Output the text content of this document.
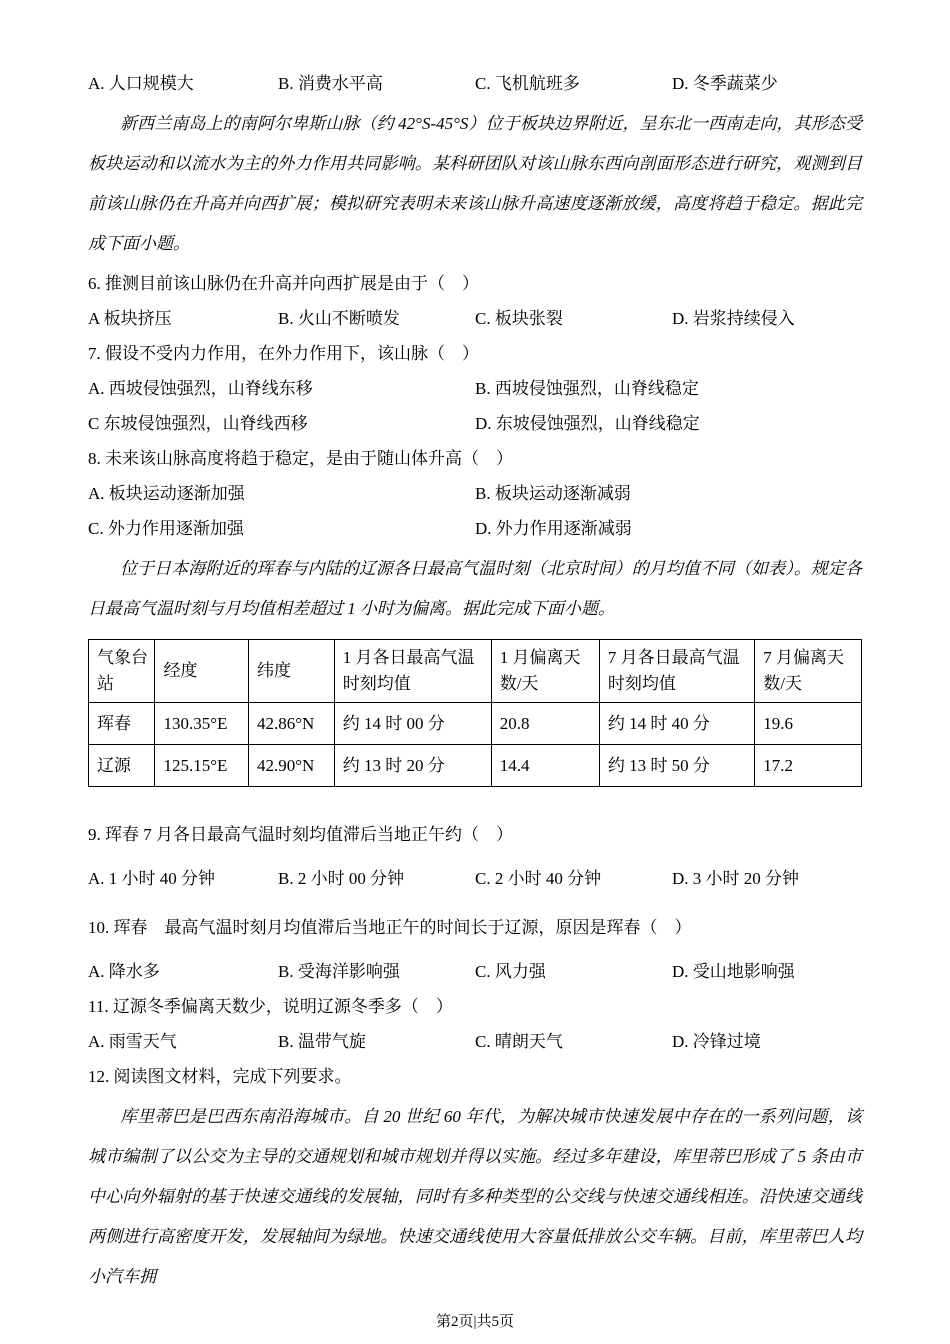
A. 人口规模大	B. 消费水平高	C. 飞机航班多	D. 冬季蔬菜少

新西兰南岛上的南阿尔卑斯山脉（约 42°S-45°S）位于板块边界附近，呈东北一西南走向，其形态受板块运动和以流水为主的外力作用共同影响。某科研团队对该山脉东西向剖面形态进行研究，观测到目前该山脉仍在升高并向西扩展；模拟研究表明未来该山脉升高速度逐渐放缓，高度将趋于稳定。据此完成下面小题。

6. 推测目前该山脉仍在升高并向西扩展是由于（　）

A 板块挤压	B. 火山不断喷发	C. 板块张裂	D. 岩浆持续侵入

7. 假设不受内力作用，在外力作用下，该山脉（　）

A. 西坡侵蚀强烈，山脊线东移	B. 西坡侵蚀强烈，山脊线稳定
C 东坡侵蚀强烈，山脊线西移	D. 东坡侵蚀强烈，山脊线稳定

8. 未来该山脉高度将趋于稳定，是由于随山体升高（　）

A. 板块运动逐渐加强	B. 板块运动逐渐减弱
C. 外力作用逐渐加强	D. 外力作用逐渐减弱

位于日本海附近的珲春与内陆的辽源各日最高气温时刻（北京时间）的月均值不同（如表）。规定各日最高气温时刻与月均值相差超过 1 小时为偏离。据此完成下面小题。

气象台站	经度	纬度	1 月各日最高气温时刻均值	1 月偏离天数/天	7 月各日最高气温时刻均值	7 月偏离天数/天
珲春	130.35°E	42.86°N	约 14 时 00 分	20.8	约 14 时 40 分	19.6
辽源	125.15°E	42.90°N	约 13 时 20 分	14.4	约 13 时 50 分	17.2

9. 珲春 7 月各日最高气温时刻均值滞后当地正午约（　）

A. 1 小时 40 分钟	B. 2 小时 00 分钟	C. 2 小时 40 分钟	D. 3 小时 20 分钟

10. 珲春　最高气温时刻月均值滞后当地正午的时间长于辽源，原因是珲春（　）

A. 降水多	B. 受海洋影响强	C. 风力强	D. 受山地影响强

11. 辽源冬季偏离天数少，说明辽源冬季多（　）

A. 雨雪天气	B. 温带气旋	C. 晴朗天气	D. 冷锋过境

12. 阅读图文材料，完成下列要求。

库里蒂巴是巴西东南沿海城市。自 20 世纪 60 年代，为解决城市快速发展中存在的一系列问题，该城市编制了以公交为主导的交通规划和城市规划并得以实施。经过多年建设，库里蒂巴形成了 5 条由市中心向外辐射的基于快速交通线的发展轴，同时有多种类型的公交线与快速交通线相连。沿快速交通线两侧进行高密度开发，发展轴间为绿地。快速交通线使用大容量低排放公交车辆。目前，库里蒂巴人均小汽车拥

第2页|共5页
